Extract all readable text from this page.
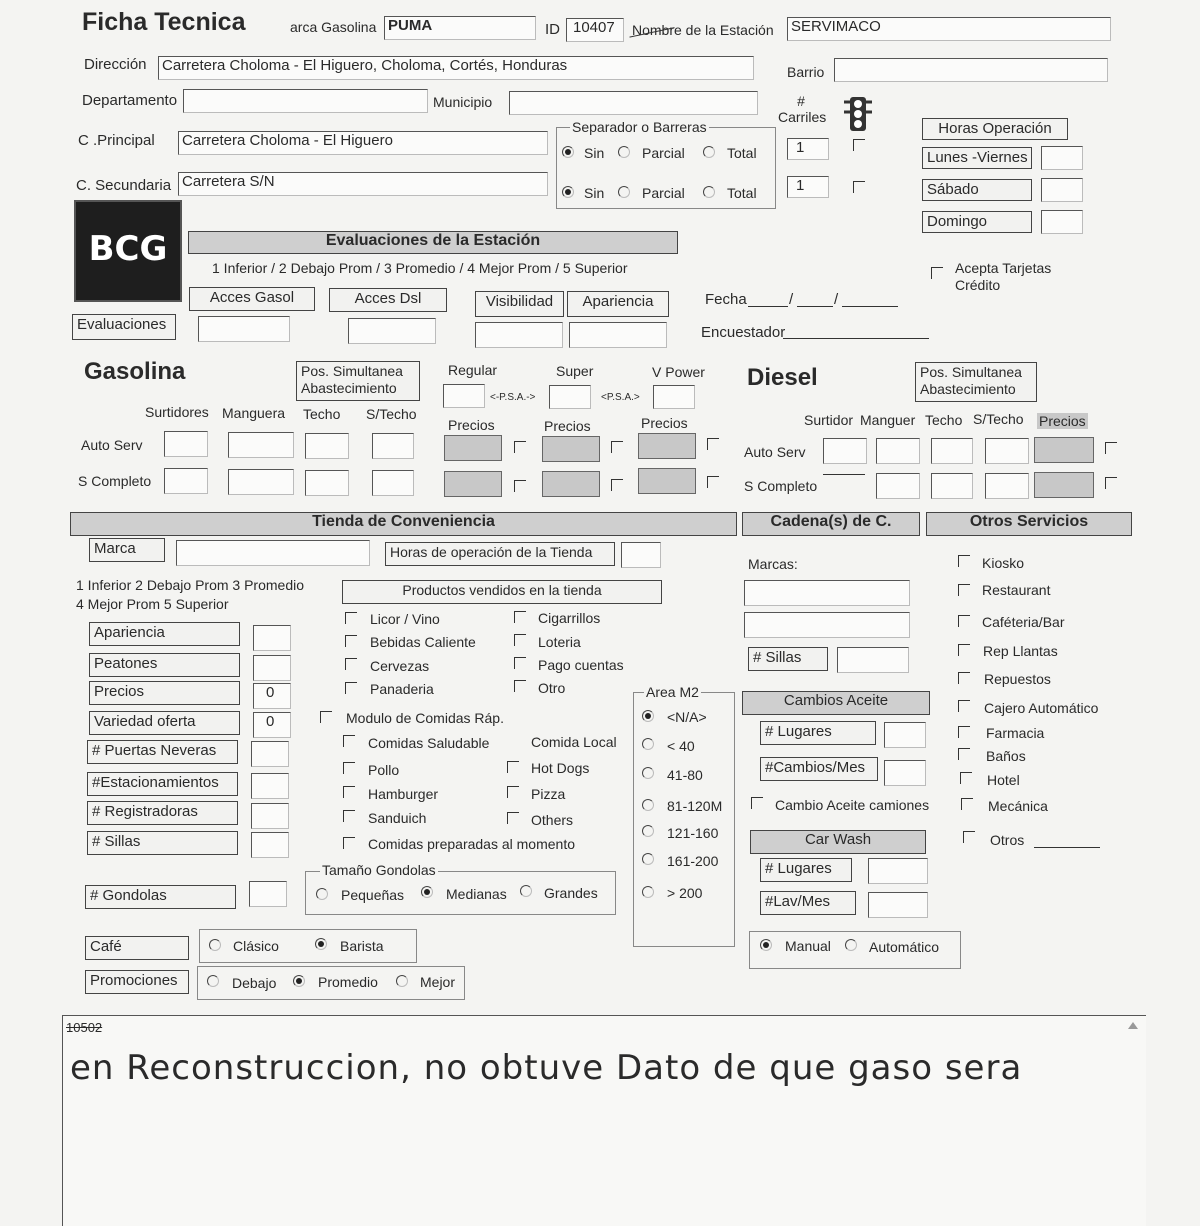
Ficha Tecnica	arca Gasolina PUMA	ID 10407	Nombre de la Estación SERVIMACO
Dirección Carretera Choloma - El Higuero, Choloma, Cortés, Honduras	Barrio
Departamento	Municipio
C .Principal Carretera Choloma - El Higuero
C. Secundaria Carretera S/N
Separador o Barreras
Sin	Parcial	Total
Sin	Parcial	Total
# Carriles
1
1
Horas Operación
Lunes -Viernes
Sábado
Domingo
BCG	Evaluaciones de la Estación
1 Inferior / 2 Debajo Prom / 3 Promedio / 4 Mejor Prom / 5 Superior
Acces Gasol	Acces Dsl	Visibilidad	Apariencia
Evaluaciones
Fecha	/	/
Encuestador
Acepta Tarjetas
Crédito
Gasolina	Pos. Simultanea
Abastecimiento
Regular	Super	V Power
<-P.S.A.->	<P.S.A.>
Surtidores Manguera Techo S/Techo
Precios	Precios	Precios
Auto Serv
S Completo
Diesel	Pos. Simultanea
Abastecimiento
Surtidor Manguer Techo S/Techo Precios
Auto Serv
S Completo
Tienda de Conveniencia	Cadena(s) de C.	Otros Servicios
Marca	Horas de operación de la Tienda
1 Inferior 2 Debajo Prom 3 Promedio
4 Mejor Prom 5 Superior
Productos vendidos en la tienda
Apariencia
Peatones
Precios	0
Variedad oferta	0
# Puertas Neveras
#Estacionamientos
# Registradoras
# Sillas
# Gondolas
Licor / Vino
Bebidas Caliente
Cervezas
Panaderia
Cigarrillos
Loteria
Pago cuentas
Otro
Modulo de Comidas Ráp.
Comida Local
Comidas Saludable
Pollo
Hamburger
Sanduich
Hot Dogs
Pizza
Others
Comidas preparadas al momento
Tamaño Gondolas
Pequeñas	Medianas	Grandes
Area M2
<N/A>
< 40
41-80
81-120M
121-160
161-200
> 200
Café	Clásico	Barista
Promociones	Debajo	Promedio	Mejor
Marcas:
# Sillas
Cambios Aceite
# Lugares
#Cambios/Mes
Cambio Aceite camiones
Car Wash
# Lugares
#Lav/Mes
Manual	Automático
Kiosko
Restaurant
Caféteria/Bar
Rep Llantas
Repuestos
Cajero Automático
Farmacia
Baños
Hotel
Mecánica
Otros
10502
en Reconstruccion, no obtuve Dato de que gaso sera
